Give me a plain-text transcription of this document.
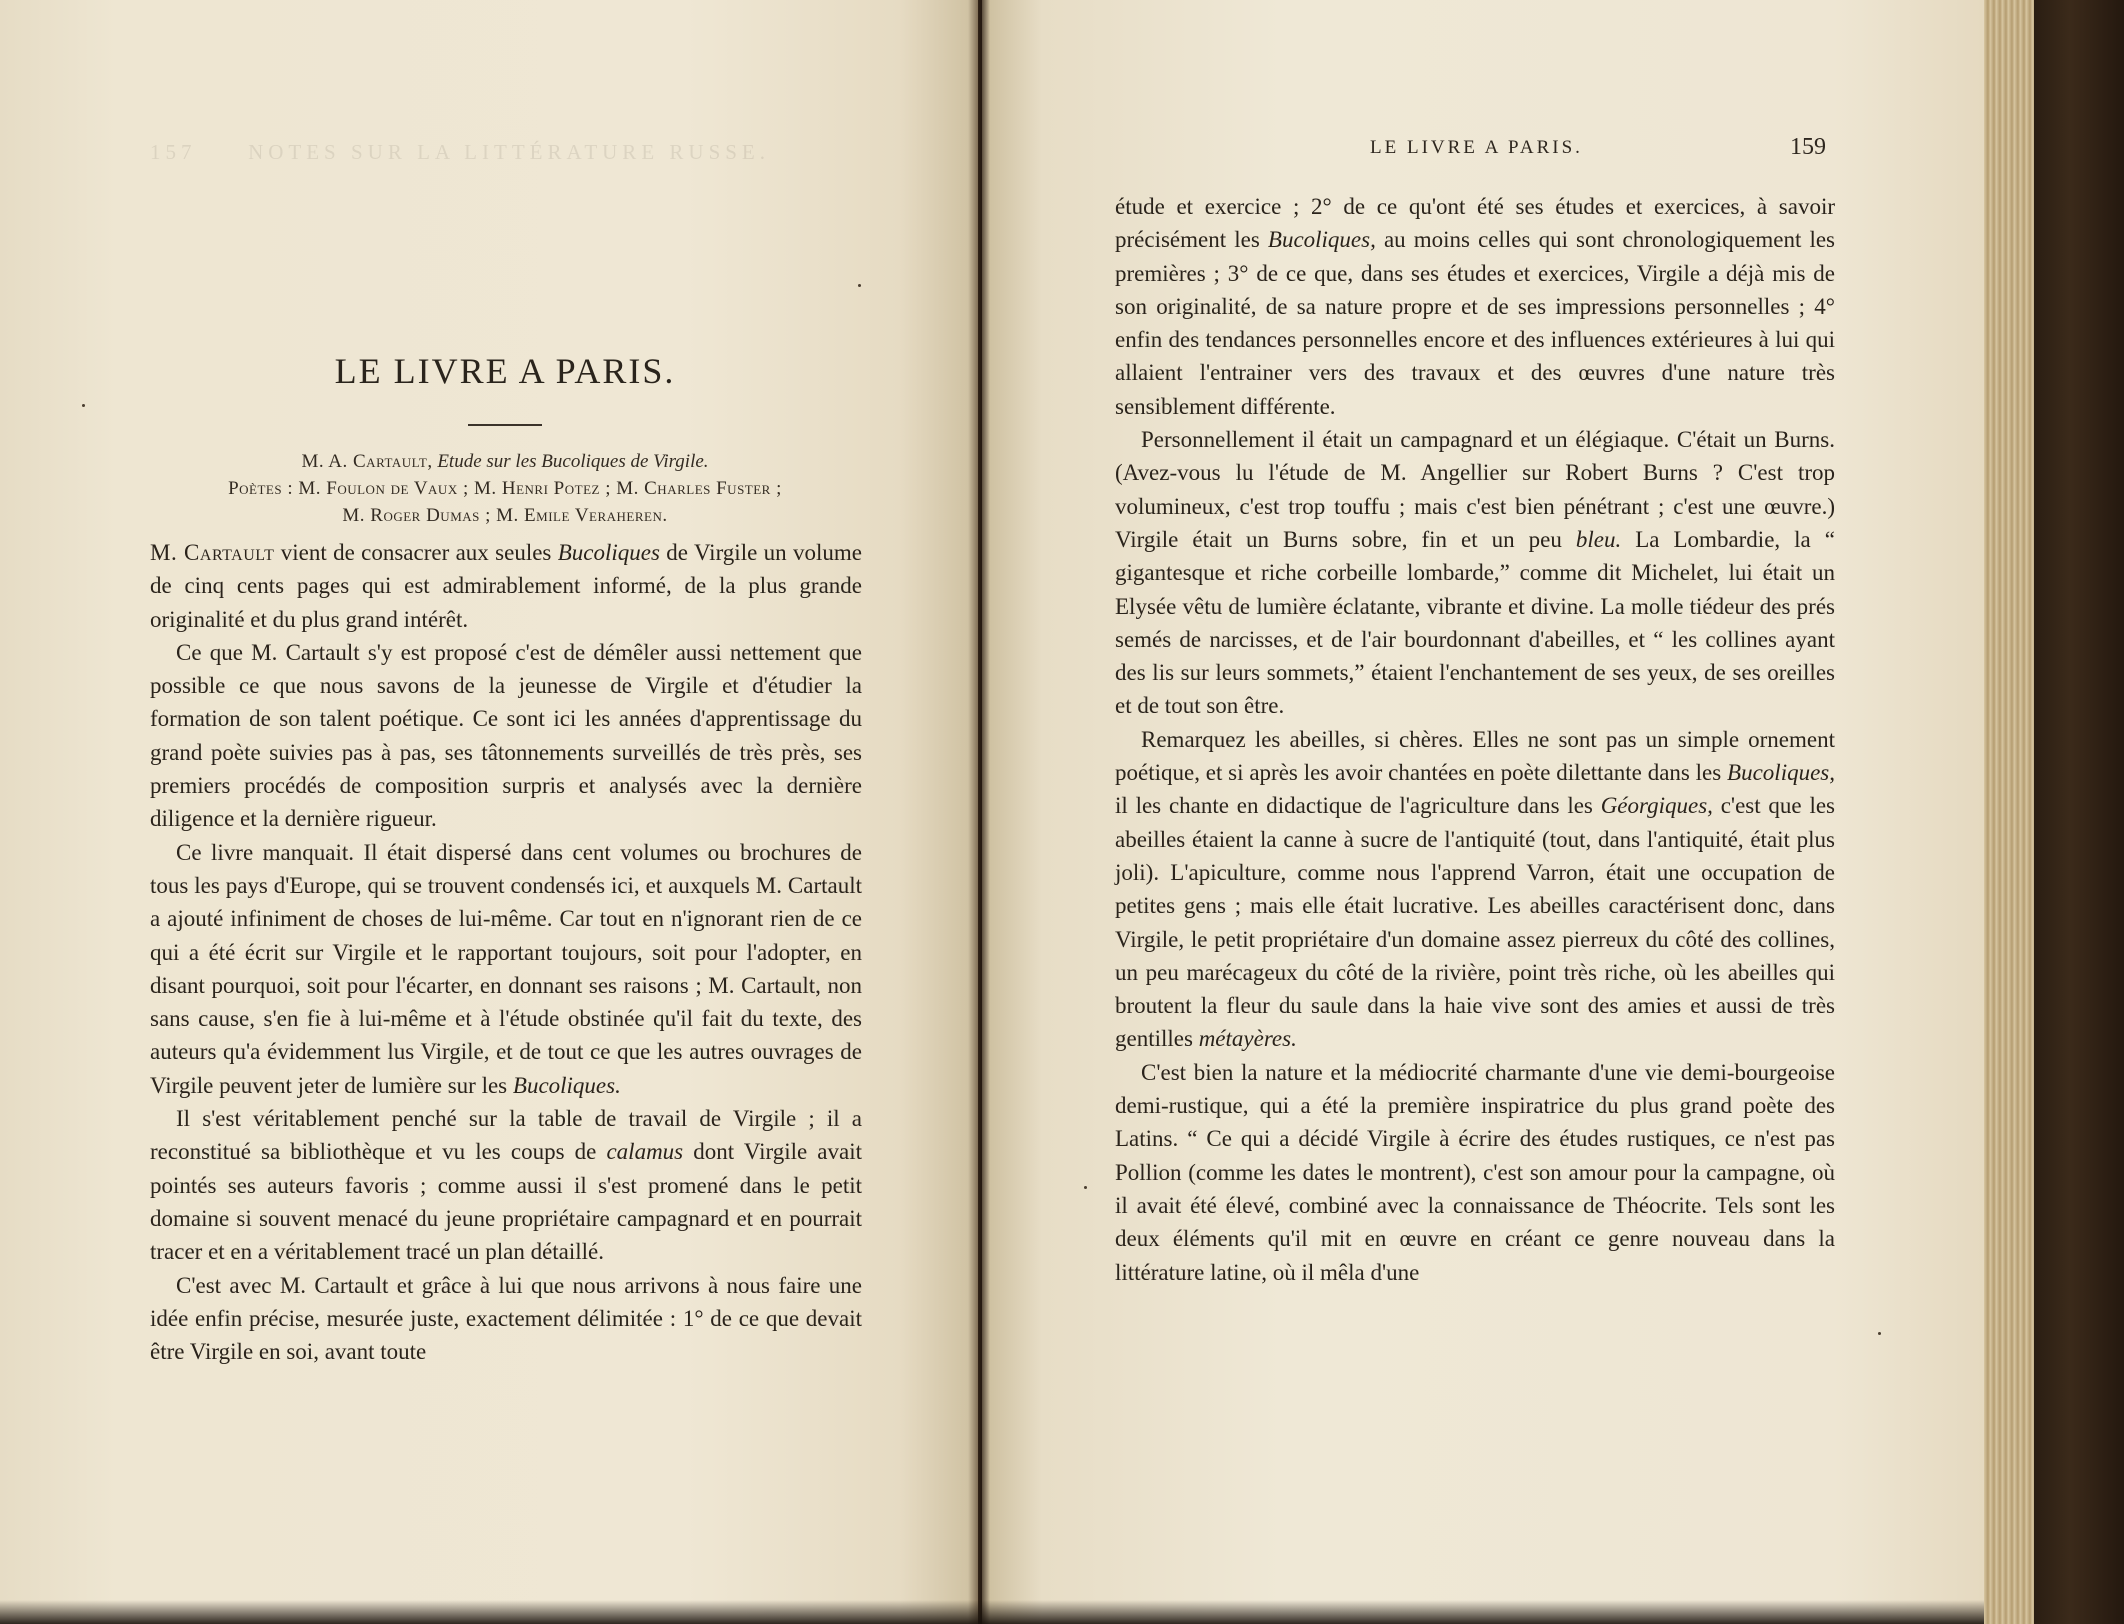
157 NOTES SUR LA LITTÉRATURE RUSSE.
LE LIVRE A PARIS.
M. A. Cartault, Etude sur les Bucoliques de Virgile.
Poètes : M. Foulon de Vaux ; M. Henri Potez ; M. Charles Fuster ;
M. Roger Dumas ; M. Emile Veraheren.

M. Cartault vient de consacrer aux seules Bucoliques de Virgile un volume de cinq cents pages qui est admirablement informé, de la plus grande originalité et du plus grand intérêt.

Ce que M. Cartault s'y est proposé c'est de démêler aussi nettement que possible ce que nous savons de la jeunesse de Virgile et d'étudier la formation de son talent poétique. Ce sont ici les années d'apprentissage du grand poète suivies pas à pas, ses tâtonnements surveillés de très près, ses premiers procédés de composition surpris et analysés avec la dernière diligence et la dernière rigueur.

Ce livre manquait. Il était dispersé dans cent volumes ou brochures de tous les pays d'Europe, qui se trouvent condensés ici, et auxquels M. Cartault a ajouté infiniment de choses de lui-même. Car tout en n'ignorant rien de ce qui a été écrit sur Virgile et le rapportant toujours, soit pour l'adopter, en disant pourquoi, soit pour l'écarter, en donnant ses raisons ; M. Cartault, non sans cause, s'en fie à lui-même et à l'étude obstinée qu'il fait du texte, des auteurs qu'a évidemment lus Virgile, et de tout ce que les autres ouvrages de Virgile peuvent jeter de lumière sur les Bucoliques.

Il s'est véritablement penché sur la table de travail de Virgile ; il a reconstitué sa bibliothèque et vu les coups de calamus dont Virgile avait pointés ses auteurs favoris ; comme aussi il s'est promené dans le petit domaine si souvent menacé du jeune propriétaire campagnard et en pourrait tracer et en a véritablement tracé un plan détaillé.

C'est avec M. Cartault et grâce à lui que nous arrivons à nous faire une idée enfin précise, mesurée juste, exactement délimitée : 1° de ce que devait être Virgile en soi, avant toute

LE LIVRE A PARIS.	159

étude et exercice ; 2° de ce qu'ont été ses études et exercices, à savoir précisément les Bucoliques, au moins celles qui sont chronologiquement les premières ; 3° de ce que, dans ses études et exercices, Virgile a déjà mis de son originalité, de sa nature propre et de ses impressions personnelles ; 4° enfin des tendances personnelles encore et des influences extérieures à lui qui allaient l'entrainer vers des travaux et des œuvres d'une nature très sensiblement différente.

Personnellement il était un campagnard et un élégiaque. C'était un Burns. (Avez-vous lu l'étude de M. Angellier sur Robert Burns ? C'est trop volumineux, c'est trop touffu ; mais c'est bien pénétrant ; c'est une œuvre.) Virgile était un Burns sobre, fin et un peu bleu. La Lombardie, la “ gigantesque et riche corbeille lombarde,” comme dit Michelet, lui était un Elysée vêtu de lumière éclatante, vibrante et divine. La molle tiédeur des prés semés de narcisses, et de l'air bourdonnant d'abeilles, et “ les collines ayant des lis sur leurs sommets,” étaient l'enchantement de ses yeux, de ses oreilles et de tout son être.

Remarquez les abeilles, si chères. Elles ne sont pas un simple ornement poétique, et si après les avoir chantées en poète dilettante dans les Bucoliques, il les chante en didactique de l'agriculture dans les Géorgiques, c'est que les abeilles étaient la canne à sucre de l'antiquité (tout, dans l'antiquité, était plus joli). L'apiculture, comme nous l'apprend Varron, était une occupation de petites gens ; mais elle était lucrative. Les abeilles caractérisent donc, dans Virgile, le petit propriétaire d'un domaine assez pierreux du côté des collines, un peu marécageux du côté de la rivière, point très riche, où les abeilles qui broutent la fleur du saule dans la haie vive sont des amies et aussi de très gentilles métayères.

C'est bien la nature et la médiocrité charmante d'une vie demi-bourgeoise demi-rustique, qui a été la première inspiratrice du plus grand poète des Latins. “ Ce qui a décidé Virgile à écrire des études rustiques, ce n'est pas Pollion (comme les dates le montrent), c'est son amour pour la campagne, où il avait été élevé, combiné avec la connaissance de Théocrite. Tels sont les deux éléments qu'il mit en œuvre en créant ce genre nouveau dans la littérature latine, où il mêla d'une
